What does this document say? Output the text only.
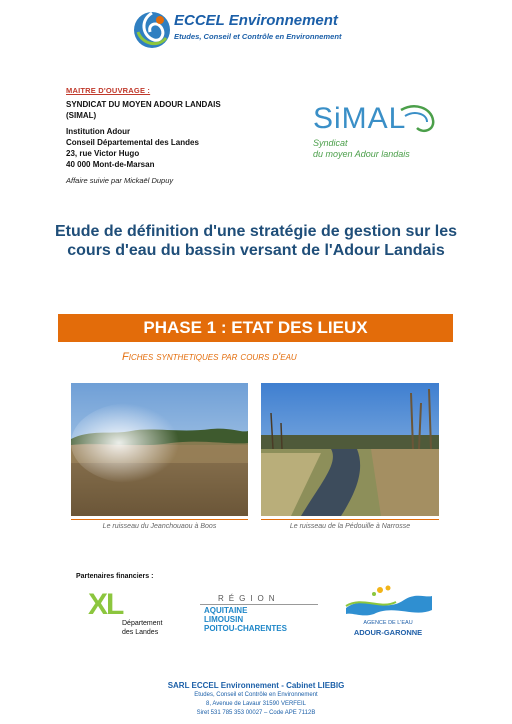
ECCEL Environnement
Etudes, Conseil et Contrôle en Environnement
MAITRE D'OUVRAGE :
SYNDICAT DU MOYEN ADOUR LANDAIS
(SIMAL)
Institution Adour
Conseil Départemental des Landes
23, rue Victor Hugo
40 000 Mont-de-Marsan
Affaire suivie par Mickaël Dupuy
SiMAL
Syndicat
du moyen Adour landais
Etude de définition d'une stratégie de gestion sur les cours d'eau du bassin versant de l'Adour Landais
PHASE 1 : ETAT DES LIEUX
Fiches synthetiques par cours d'eau
Le ruisseau du Jeanchouaou à Boos	Le ruisseau de la Pédouille à Narrosse
Partenaires financiers :
XL
Département
des Landes
RÉGION
AQUITAINE
LIMOUSIN
POITOU-CHARENTES
AGENCE DE L'EAU
ADOUR-GARONNE
SARL ECCEL Environnement - Cabinet LIEBIG
Etudes, Conseil et Contrôle en Environnement
8, Avenue de Lavaur 31590 VERFEIL
Siret 531 785 353 00027 – Code APE 7112B
